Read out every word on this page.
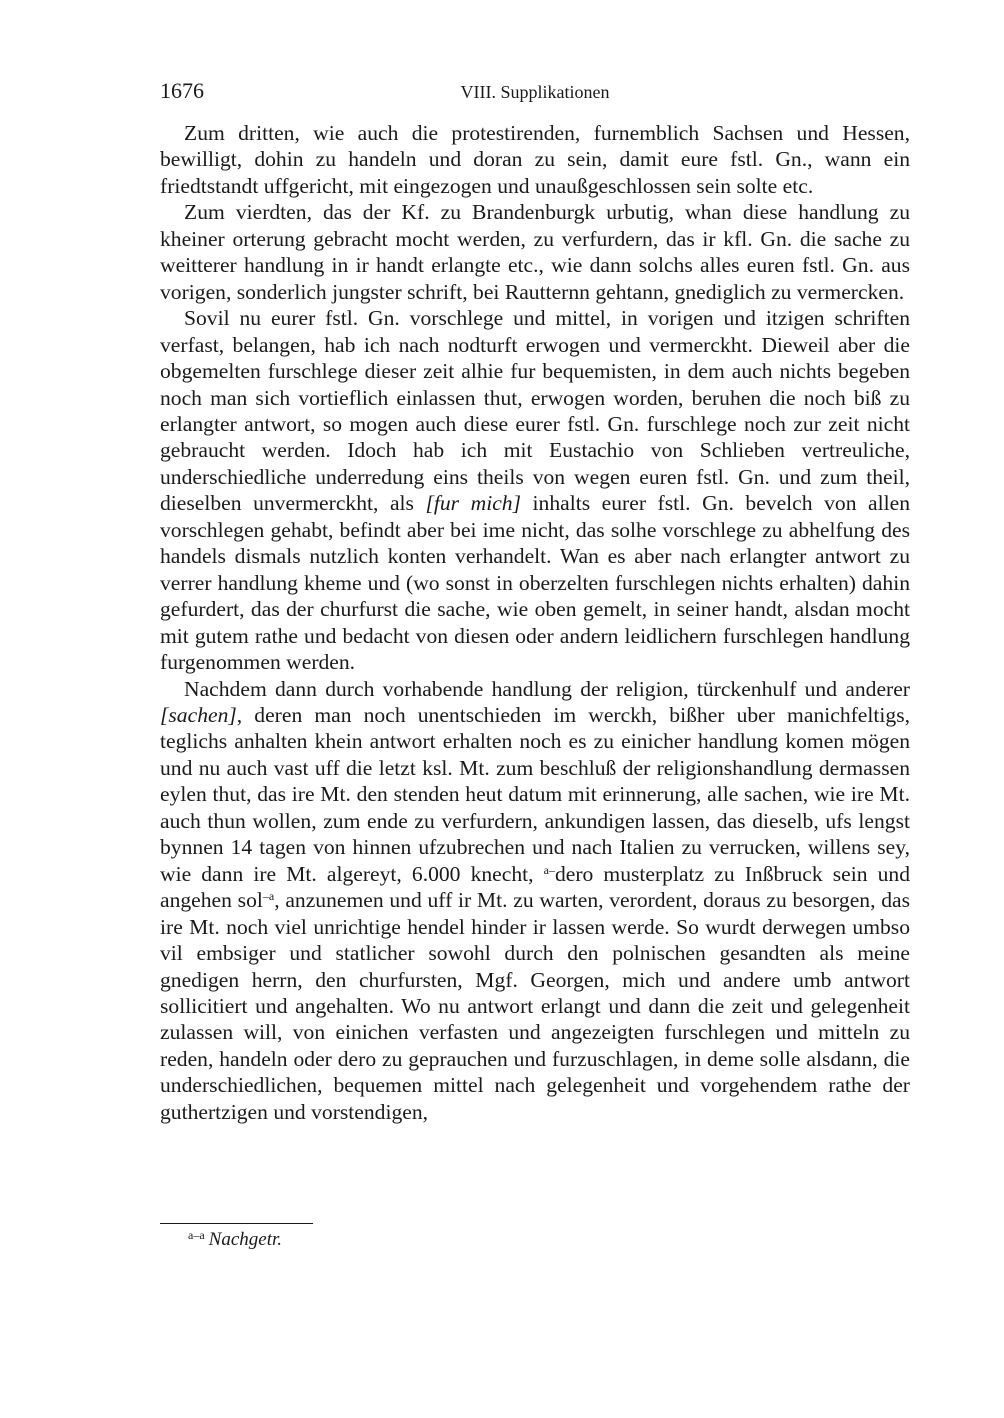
1676	VIII. Supplikationen

Zum dritten, wie auch die protestirenden, furnemblich Sachsen und Hessen, bewilligt, dohin zu handeln und doran zu sein, damit eure fstl. Gn., wann ein friedtstandt uffgericht, mit eingezogen und unaußgeschlossen sein solte etc.

Zum vierdten, das der Kf. zu Brandenburgk urbutig, whan diese handlung zu kheiner orterung gebracht mocht werden, zu verfurdern, das ir kfl. Gn. die sache zu weitterer handlung in ir handt erlangte etc., wie dann solchs alles euren fstl. Gn. aus vorigen, sonderlich jungster schrift, bei Rautternn gehtann, gnediglich zu vermercken.

Sovil nu eurer fstl. Gn. vorschlege und mittel, in vorigen und itzigen schriften verfast, belangen, hab ich nach nodturft erwogen und vermerckht. Dieweil aber die obgemelten furschlege dieser zeit alhie fur bequemisten, in dem auch nichts begeben noch man sich vortieflich einlassen thut, erwogen worden, beruhen die noch biß zu erlangter antwort, so mogen auch diese eurer fstl. Gn. furschlege noch zur zeit nicht gebraucht werden. Idoch hab ich mit Eustachio von Schlieben vertreuliche, underschiedliche underredung eins theils von wegen euren fstl. Gn. und zum theil, dieselben unvermerckht, als [fur mich] inhalts eurer fstl. Gn. bevelch von allen vorschlegen gehabt, befindt aber bei ime nicht, das solhe vorschlege zu abhelfung des handels dismals nutzlich konten verhandelt. Wan es aber nach erlangter antwort zu verrer handlung kheme und (wo sonst in oberzelten furschlegen nichts erhalten) dahin gefurdert, das der churfurst die sache, wie oben gemelt, in seiner handt, alsdan mocht mit gutem rathe und bedacht von diesen oder andern leidlichern furschlegen handlung furgenommen werden.

Nachdem dann durch vorhabende handlung der religion, türckenhulf und anderer [sachen], deren man noch unentschieden im werckh, bißher uber manichfeltigs, teglichs anhalten khein antwort erhalten noch es zu einicher handlung komen mögen und nu auch vast uff die letzt ksl. Mt. zum beschluß der religionshandlung dermassen eylen thut, das ire Mt. den stenden heut datum mit erinnerung, alle sachen, wie ire Mt. auch thun wollen, zum ende zu verfurdern, ankundigen lassen, das dieselb, ufs lengst bynnen 14 tagen von hinnen ufzubrechen und nach Italien zu verrucken, willens sey, wie dann ire Mt. algereyt, 6.000 knecht, $^{a-}$dero musterplatz zu Inßbruck sein und angehen sol$^{-a}$, anzunemen und uff ir Mt. zu warten, verordent, doraus zu besorgen, das ire Mt. noch viel unrichtige hendel hinder ir lassen werde. So wurdt derwegen umbso vil embsiger und statlicher sowohl durch den polnischen gesandten als meine gnedigen herrn, den churfursten, Mgf. Georgen, mich und andere umb antwort sollicitiert und angehalten. Wo nu antwort erlangt und dann die zeit und gelegenheit zulassen will, von einichen verfasten und angezeigten furschlegen und mitteln zu reden, handeln oder dero zu geprauchen und furzuschlagen, in deme solle alsdann, die underschiedlichen, bequemen mittel nach gelegenheit und vorgehendem rathe der guthertzigen und vorstendigen,

$^{a-a}$ Nachgetr.
